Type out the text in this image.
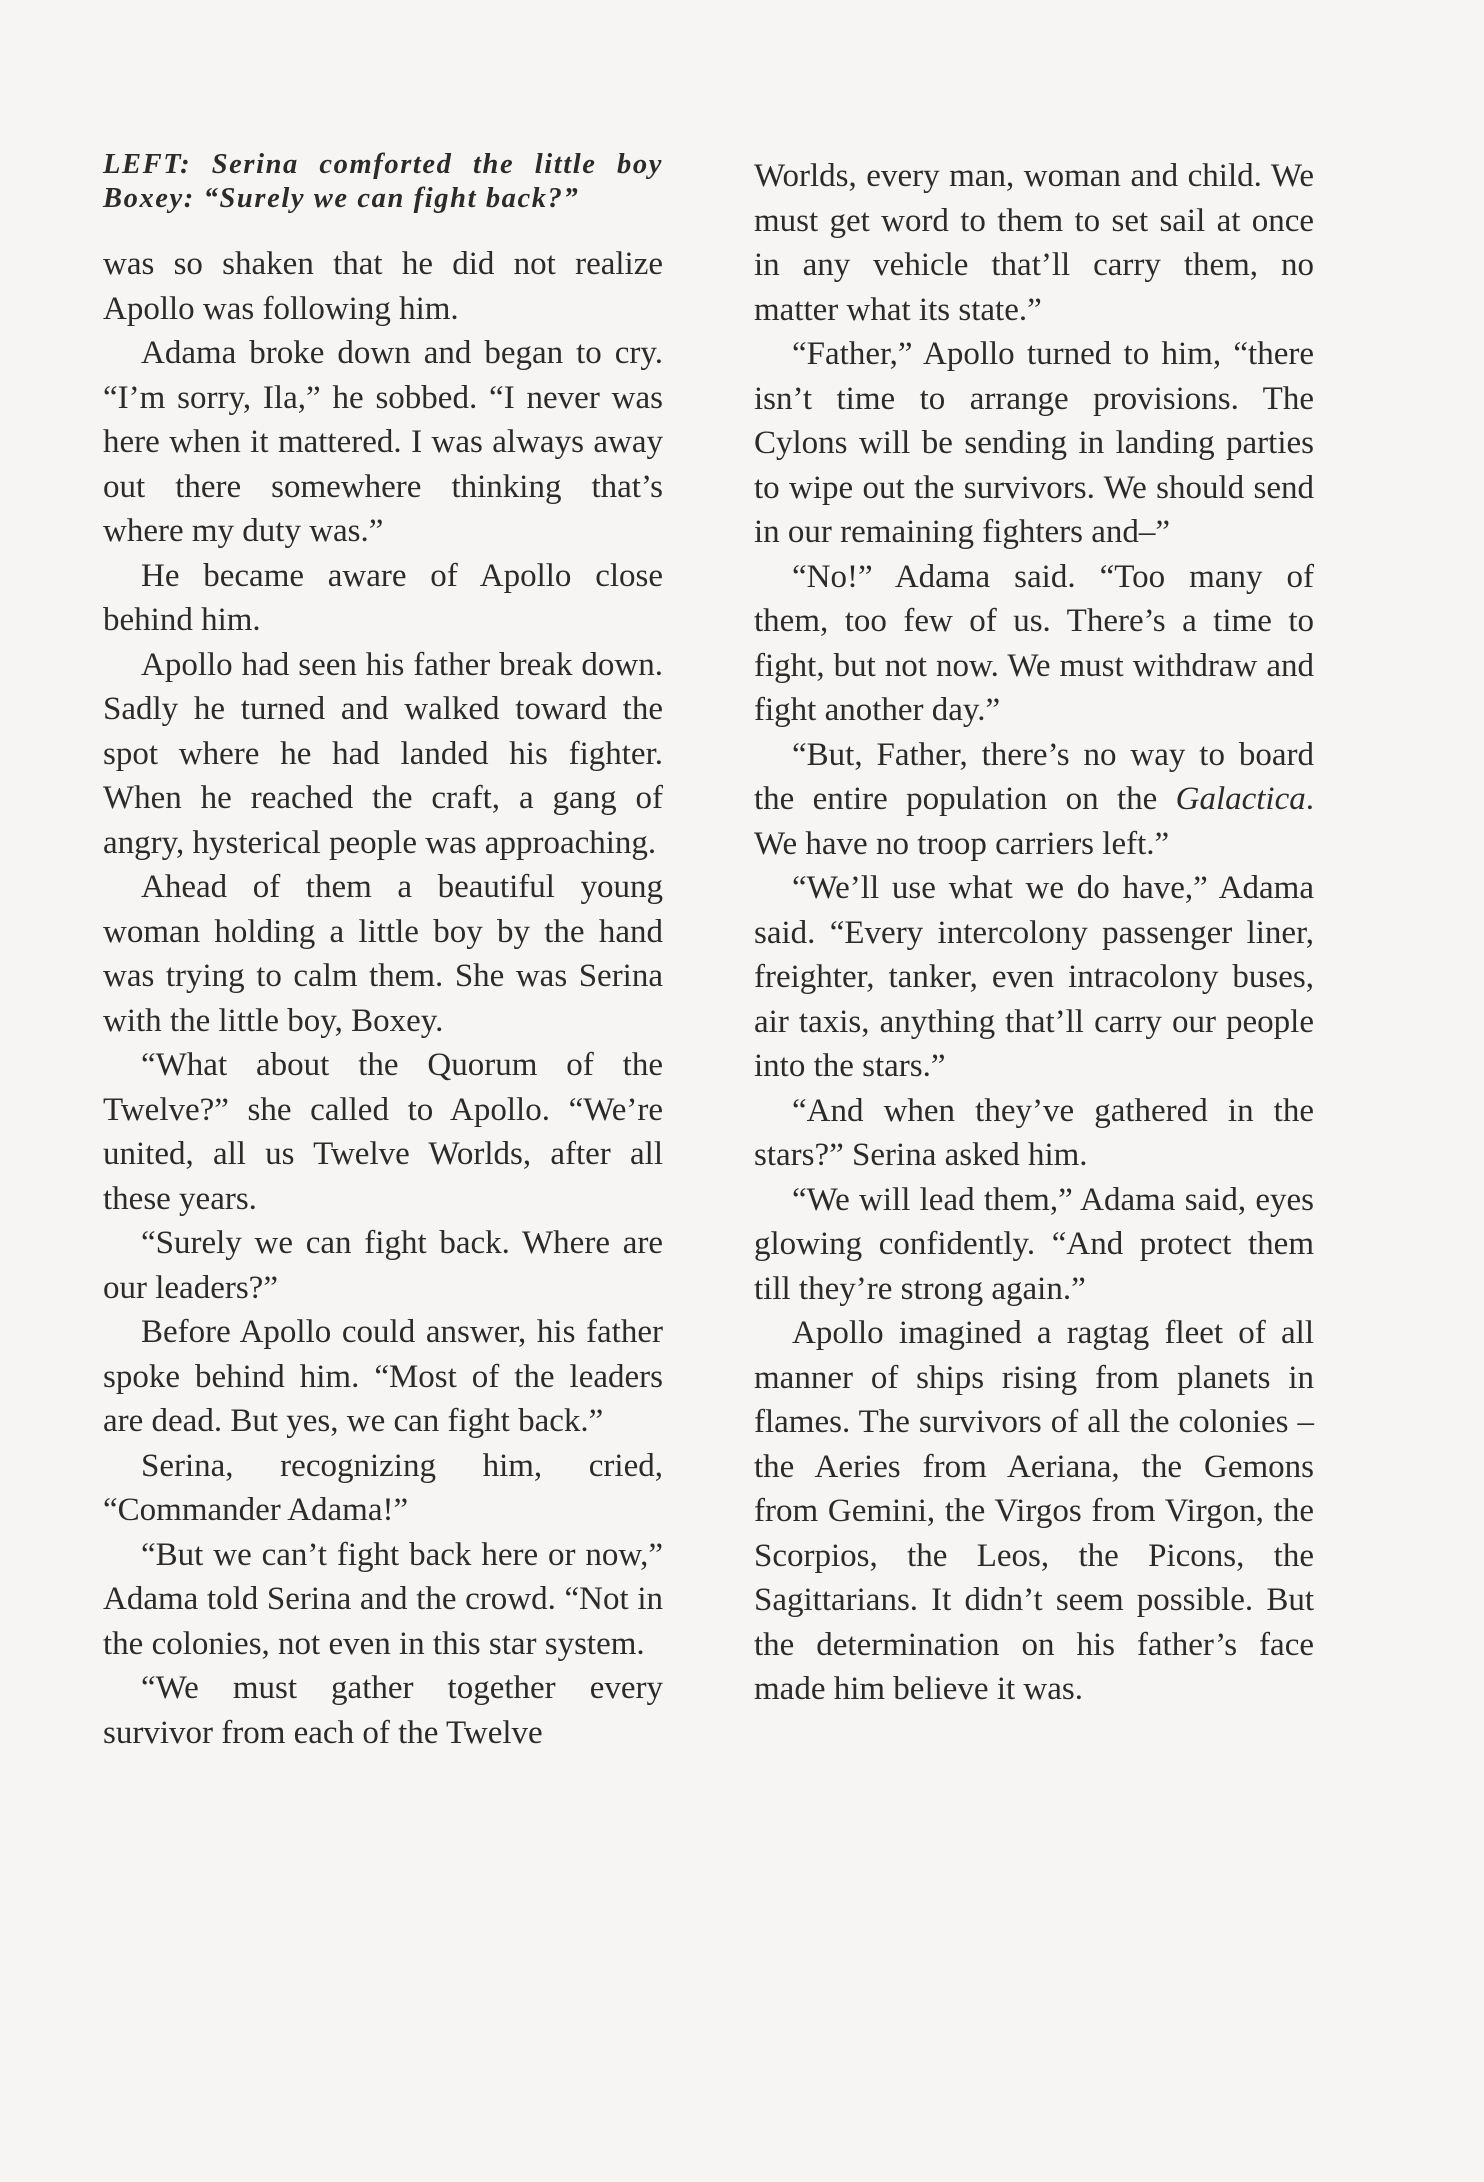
LEFT: Serina comforted the little boy Boxey: “Surely we can fight back?”

was so shaken that he did not realize Apollo was following him.

Adama broke down and began to cry. “I’m sorry, Ila,” he sobbed. “I never was here when it mattered. I was always away out there somewhere thinking that’s where my duty was.”

He became aware of Apollo close behind him.

Apollo had seen his father break down. Sadly he turned and walked toward the spot where he had landed his fighter. When he reached the craft, a gang of angry, hysterical people was approaching.

Ahead of them a beautiful young woman holding a little boy by the hand was trying to calm them. She was Serina with the little boy, Boxey.

“What about the Quorum of the Twelve?” she called to Apollo. “We’re united, all us Twelve Worlds, after all these years.

“Surely we can fight back. Where are our leaders?”

Before Apollo could answer, his father spoke behind him. “Most of the leaders are dead. But yes, we can fight back.”

Serina, recognizing him, cried, “Commander Adama!”

“But we can’t fight back here or now,” Adama told Serina and the crowd. “Not in the colonies, not even in this star system.

“We must gather together every survivor from each of the Twelve

Worlds, every man, woman and child. We must get word to them to set sail at once in any vehicle that’ll carry them, no matter what its state.”

“Father,” Apollo turned to him, “there isn’t time to arrange provisions. The Cylons will be sending in landing parties to wipe out the survivors. We should send in our remaining fighters and–”

“No!” Adama said. “Too many of them, too few of us. There’s a time to fight, but not now. We must withdraw and fight another day.”

“But, Father, there’s no way to board the entire population on the Galactica. We have no troop carriers left.”

“We’ll use what we do have,” Adama said. “Every intercolony passenger liner, freighter, tanker, even intracolony buses, air taxis, anything that’ll carry our people into the stars.”

“And when they’ve gathered in the stars?” Serina asked him.

“We will lead them,” Adama said, eyes glowing confidently. “And protect them till they’re strong again.”

Apollo imagined a ragtag fleet of all manner of ships rising from planets in flames. The survivors of all the colonies – the Aeries from Aeriana, the Gemons from Gemini, the Virgos from Virgon, the Scorpios, the Leos, the Picons, the Sagittarians. It didn’t seem possible. But the determination on his father’s face made him believe it was.
